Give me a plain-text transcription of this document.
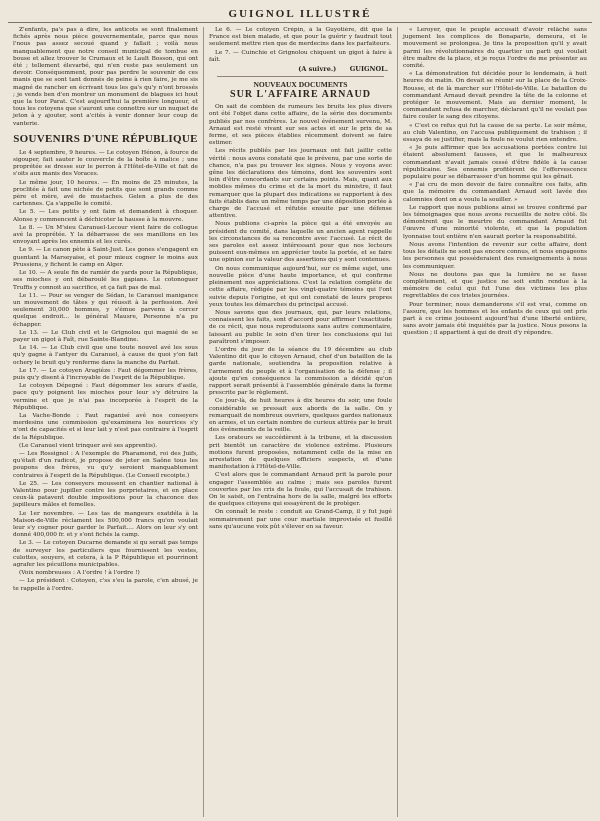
GUIGNOL ILLUSTRÉ

Z'enfants, pa's pas à dire, les anticots se sont finalement fichés après nous pièce gouvernementale, parce que nous l'nous pas assez secoué quand y fallait ; voilà nous manquablement que notre conseil municipal de tombue en bouse et allez trouver le Crumaux et le Lault Bosson, qui ont été ; tellement élevarbé, qui n'en reste pas seulement un devoir. Conséquemment, pour pas perdre le souvenir de ces manis que se sont tant donnés de peine à rien faire, je me sis magné de rancher en écrivant tous les ga's qu'y n'ont brossés ; je vends ben d'en montrer un monument de blagues ici hout que la tour Parat. C'est aujourd'hui la première longueur, et tous les cotoyens que s'auront une connettre sur un nuquet de jeton à y ajouter, sont a'cités à venir donner leur coup de vanterie.

SOUVENIRS D'UNE RÉPUBLIQUE

Le 4 septembre, 9 heures. — Le cotoyen Hénon, à fource de sigouper, fait sauter le couvercle de la boîte à malice ; une proprétée se dresse sur le perron à l'Hôtel-de-Ville et fait de s'oits aux manis des Voraces.

Le même jour, 10 heures. — En moins de 25 minutes, la proclitée à fait une nichée de petits que sont grands comme père et mère, avé de mustaches. Gelen a plus de des cartennes. Ça s'appelle le comité.

Le 5. — Les petits y ont faim et demandent à choquer. Alonse y commencent à déchicoter la hausse à la mouvre.

Le 8. — Un M'sieu Caranuel-Lecour vient faire de collogue avé la proprétée. Y la débarrasse de ses manillons en les envoyant après les ennemis et les curés.

Le 9. — Le canon pète à Saint-Just. Les gones s'engagent en guentant la Marseyaise, et pour mieux cogner le moins aux Prussiens, y fichent le camp en Alger.

Le 10. — A seule fin de ramiér de yards pour la République, ses mioches y ont débaroulé les gapians. Le cotonoguer Truffis y connoit au sacrifice, et ça fait pas de mal.

Le 11. — Pour se venger de Sédan, le Caranuel manigance un mouvement de tâtes y qui réussit à la perfession. Avé seulement 30,000 hommes, y s'émue parvenu à cercer quelque endroit... le général Mausre, Personne n'a pu échapper.

Le 13. — Le Club civil et le Grignolou qui magnié de se payer un gigot à Faît, rue Sainte-Blandine.

Le 14. — Le Club civil que une toute nouvel avé les sous qu'y gagne à l'antyer du Caranuel, à cause de quoi y'on fait ochery le bruit qu'y renferme dans la manche du Parfait.

Le 17. — Le cotoyen Aragiéze : Faut dégommer les frères, puis qu'y disent à l'incroyable de l'esprit de la République.

Le cotoyen Dépegné : Faut dégommer les sœurs d'asile, pace qu'y poignent les mioches pour leur s'y détruire la vermine et que je n'ai pas incorporée à l'esprit de la République.

La Vache-Bonde : Faut raganisé avé nos conseyers merdesins une commission qu'examinera les nourrices s'y n'ont de capacités et si leur lait y n'est pas contraire à l'esprit de la République.

(Le Caranuel vient trinquer avé ses apprentis).

— Les Rossignol : A l'exemple de Pharamond, roi des Juifs, qu'était d'un radicot, je propose de jeter en Saône tous les poupons des frères, vu qu'y seroient manquablement contraires à l'esprit de la République. (Le Conseil recoipte.)

Le 25. — Les conseyers moussent en chantier national à Valentino pour jupiller contre les porprietaires, et en place ceux-là patavent double impositions pour la chaconce des japilleurs mâles et femelles.

Le 1er novembre. — Les tas de mangeurs exatdéla à la Maison-de-Ville réclament les 500,000 francs qu'on voulait leur s'y cogner pour garder le Parfait.... Alors on leur s'y ont donné 400,000 fr. et y s'ont fichés la camp.

Le 3. — Le cotoyen Ducarne demande si qu serait pas temps de surveyer les particuliers que fournissent les vestes, culottes, souyers, et cetera, à la P République et pourrinont agrafer les pécuillons municipables.

(Voix nombreuses : A l'ordre ! à l'ordre !)

— Le président : Cotoyen, c'ss s'eu la parole, c'en abusé, je te rappelle à l'ordre.

Le 6. — Le cotoyen Crépin, à la Guyotière, dit que la France est bien malade, et que pour la guérir y faudrait tout seulement mettre rien que de merdecins dans les parfaiteurs.

Le 7. — Cuinchie et Grignolou chiquent un gigot à faire à faît.

(A suivre.) GUIGNOL.
NOUVEAUX DOCUMENTS
SUR L'AFFAIRE ARNAUD

On sait de combien de rumeurs les bruits les plus divers ont été l'objet dans cette affaire, de la série des documents publiés par nos confrères. Le nouvel événement survenu, M. Arnaud est resté vivant sur ses actes et sur le prix de sa ferme, et ses pièces établies récemment doivent se faire estimer.

Les récits publiés par les journaux ont fait jaillir cette vérité : nous avons constaté que le prévenu, par une sorte de chance, n'a pas pu trouver les signes. Nous y voyons avec gêne les déclarations des témoins, dont les souvenirs sont loin d'être concordants sur certains points. Mais, quant aux mobiles mêmes du crime et de la mort du ministre, il faut remarquer que la plupart des indications se rapportent à des faits établis dans un même temps par une déposition portée à charge de l'accusé et réfutée ensuite par une défense attentive.

Nous publions ci-après la pièce qui a été envoyée au président du comité, dans laquelle un ancien agent rappelle les circonstances de sa rencontre avec l'accusé. Le récit de ses paroles est assez intéressant pour que nos lecteurs puissent eux-mêmes en apprécier toute la portée, et se faire une opinion sur la valeur des assertions qui y sont contenues.

On nous communique aujourd'hui, sur ce même sujet, une nouvelle pièce d'une haute importance, et qui confirme pleinement nos appréciations. C'est la relation complète de cette affaire, rédigée par les vingt-quatre témoins qui l'ont suivie depuis l'origine, et qui ont constaté de leurs propres yeux toutes les démarches du principal accusé.

Nous savons que des journaux, qui, par leurs relations, connaissent les faits, sont d'accord pour affirmer l'exactitude de ce récit, que nous reproduisons sans autre commentaire, laissant au public le soin d'en tirer les conclusions qui lui paraîtront s'imposer.

L'ordre du jour de la séance du 19 décembre au club Valentino dit que le citoyen Arnaud, chef d'un bataillon de la garde nationale, soutiendra la proposition relative à l'armement du peuple et à l'organisation de la défense ; il ajoute qu'en conséquence la commission a décidé qu'un rapport serait présenté à l'assemblée générale dans la forme prescrite par le règlement.

Ce jour-là, de huit heures à dix heures du soir, une foule considérable se pressait aux abords de la salle. On y remarquait de nombreux ouvriers, quelques gardes nationaux en armes, et un certain nombre de curieux attirés par le bruit des événements de la veille.

Les orateurs se succédèrent à la tribune, et la discussion prit bientôt un caractère de violence extrême. Plusieurs motions furent proposées, notamment celle de la mise en arrestation de quelques officiers suspects, et d'une manifestation à l'Hôtel-de-Ville.

C'est alors que le commandant Arnaud prit la parole pour engager l'assemblée au calme ; mais ses paroles furent couvertes par les cris de la foule, qui l'accusait de trahison. On le saisit, on l'entraîna hors de la salle, malgré les efforts de quelques citoyens qui essayèrent de le protéger.

On connaît le reste : conduit au Grand-Camp, il y fut jugé sommairement par une cour martiale improvisée et fusillé sans qu'aucune voix pût s'élever en sa faveur.

« Leroyer, que le peuple accusait d'avoir relâché sans jugement les complices de Bonaparte, demeura, et le mouvement se prolongea. Je tins la proposition qu'il y avait parmi les révolutionnaires du quartier un parti qui voulait être maître de la place, et je reçus l'ordre de me présenter au comité.

« La démonstration fut décidée pour le lendemain, à huit heures du matin. On devait se réunir sur la place de la Croix-Rousse, et de là marcher sur l'Hôtel-de-Ville. Le bataillon du commandant Arnaud devait prendre la tête de la colonne et protéger le mouvement. Mais au dernier moment, le commandant refusa de marcher, déclarant qu'il ne voulait pas faire couler le sang des citoyens.

« C'est ce refus qui fut la cause de sa perte. Le soir même, au club Valentino, on l'accusa publiquement de trahison ; il essaya de se justifier, mais la foule ne voulut rien entendre.

« Je puis affirmer que les accusations portées contre lui étaient absolument fausses, et que le malheureux commandant n'avait jamais cessé d'être fidèle à la cause républicaine. Ses ennemis profitèrent de l'effervescence populaire pour se débarrasser d'un homme qui les gênait.

« J'ai cru de mon devoir de faire connaître ces faits, afin que la mémoire du commandant Arnaud soit lavée des calomnies dont on a voulu la souiller. »

Le rapport que nous publions ainsi se trouve confirmé par les témoignages que nous avons recueillis de notre côté. Ils démontrent que le meurtre du commandant Arnaud fut l'œuvre d'une minorité violente, et que la population lyonnaise tout entière n'en saurait porter la responsabilité.

Nous avons l'intention de revenir sur cette affaire, dont tous les détails ne sont pas encore connus, et nous engageons les personnes qui posséderaient des renseignements à nous les communiquer.

Nous ne doutons pas que la lumière ne se fasse complètement, et que justice ne soit enfin rendue à la mémoire de celui qui fut l'une des victimes les plus regrettables de ces tristes journées.

Pour terminer, nous demanderons s'il est vrai, comme on l'assure, que les hommes et les enfants de ceux qui ont pris part à ce crime jouissent aujourd'hui d'une liberté entière, sans avoir jamais été inquiétés par la justice. Nous posons la question ; il appartient à qui de droit d'y répondre.
